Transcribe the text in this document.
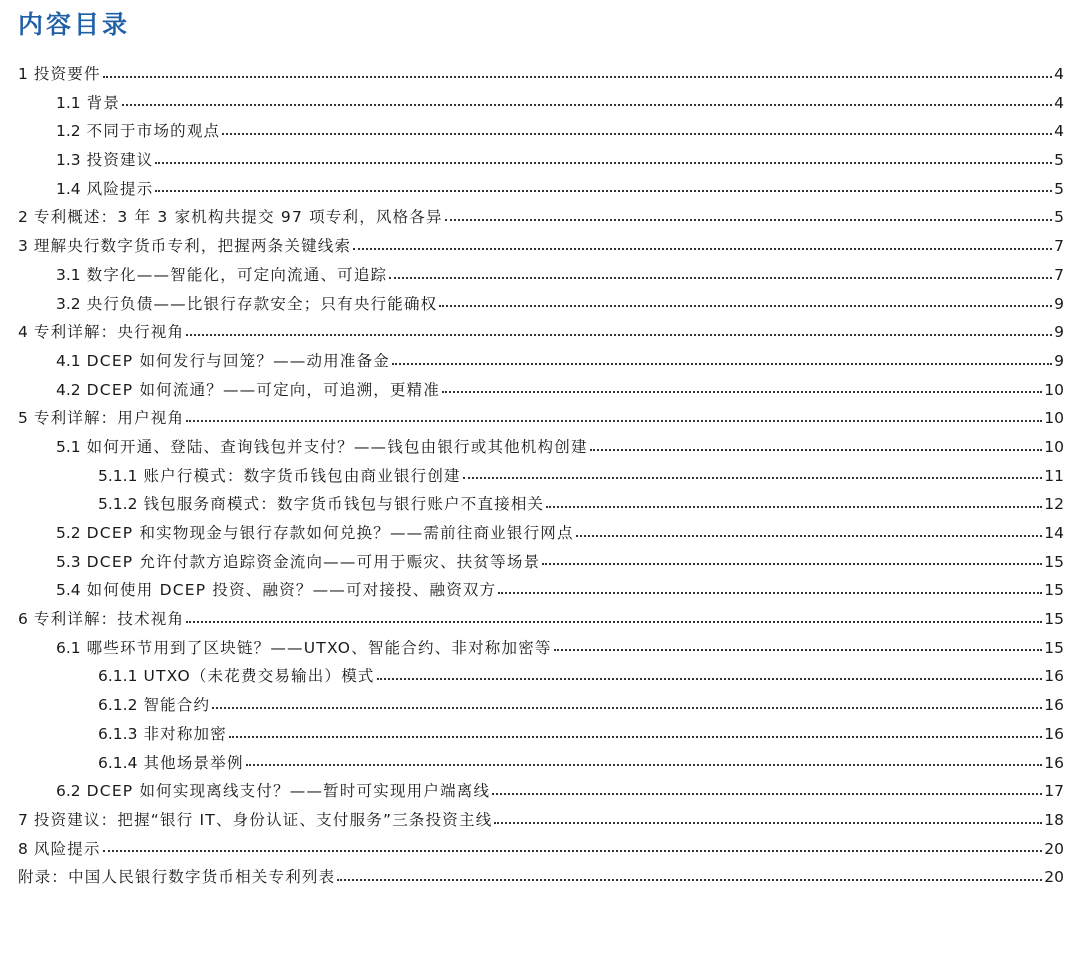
内容目录
1 投资要件	4
1.1 背景	4
1.2 不同于市场的观点	4
1.3 投资建议	5
1.4 风险提示	5
2 专利概述：3 年 3 家机构共提交 97 项专利，风格各异	5
3 理解央行数字货币专利，把握两条关键线索	7
3.1 数字化——智能化，可定向流通、可追踪	7
3.2 央行负债——比银行存款安全；只有央行能确权	9
4 专利详解：央行视角	9
4.1 DCEP 如何发行与回笼？——动用准备金	9
4.2 DCEP 如何流通？——可定向，可追溯，更精准	10
5 专利详解：用户视角	10
5.1 如何开通、登陆、查询钱包并支付？——钱包由银行或其他机构创建	10
5.1.1 账户行模式：数字货币钱包由商业银行创建	11
5.1.2 钱包服务商模式：数字货币钱包与银行账户不直接相关	12
5.2 DCEP 和实物现金与银行存款如何兑换？——需前往商业银行网点	14
5.3 DCEP 允许付款方追踪资金流向——可用于赈灾、扶贫等场景	15
5.4 如何使用 DCEP 投资、融资？——可对接投、融资双方	15
6 专利详解：技术视角	15
6.1 哪些环节用到了区块链？——UTXO、智能合约、非对称加密等	15
6.1.1 UTXO（未花费交易输出）模式	16
6.1.2 智能合约	16
6.1.3 非对称加密	16
6.1.4 其他场景举例	16
6.2 DCEP 如何实现离线支付？——暂时可实现用户端离线	17
7 投资建议：把握“银行 IT、身份认证、支付服务”三条投资主线	18
8 风险提示	20
附录：中国人民银行数字货币相关专利列表	20
